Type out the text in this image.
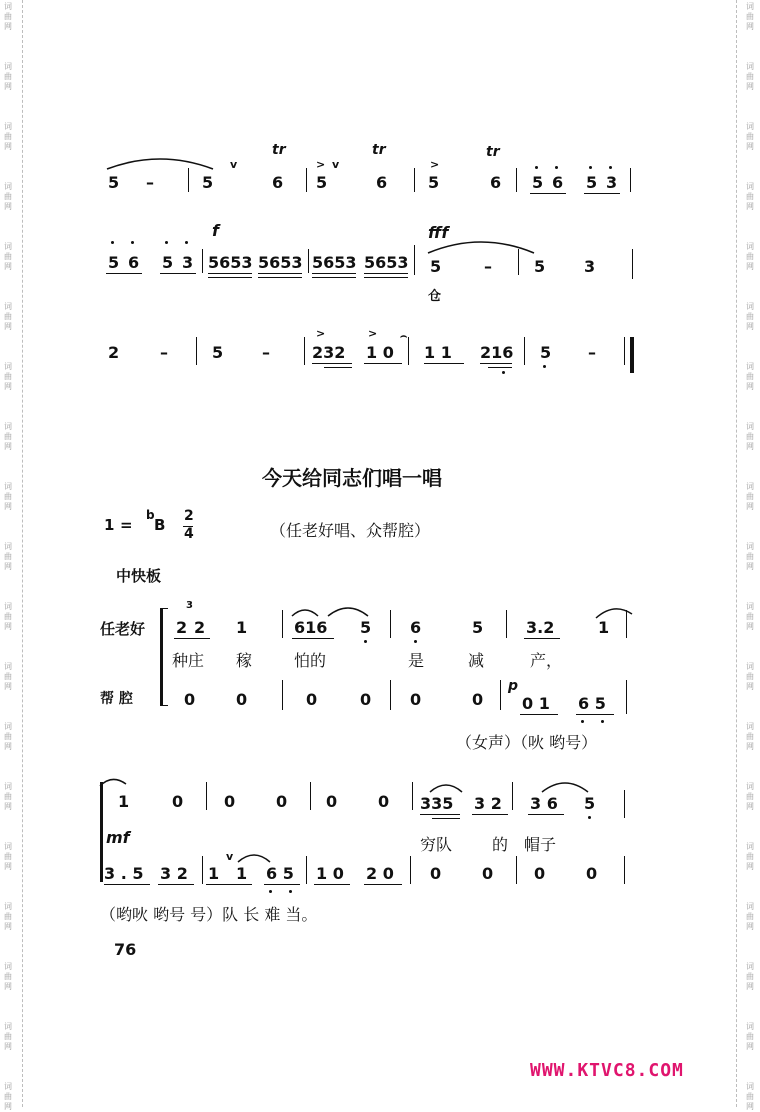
词
曲
网
词
曲
网
词
曲
网
词
曲
网
词
曲
网
词
曲
网
词
曲
网
词
曲
网
词
曲
网
词
曲
网
词
曲
网
词
曲
网
词
曲
网
词
曲
网
词
曲
网
词
曲
网
词
曲
网
词
曲
网
词
曲
网
词
曲
网
词
曲
网
词
曲
网
词
曲
网
词
曲
网
词
曲
网
词
曲
网
词
曲
网
词
曲
网
词
曲
网
词
曲
网
词
曲
网
词
曲
网
词
曲
网
词
曲
网
词
曲
网
词
曲
网
词
曲
网
词
曲
网
5 –	5
v
6
tr
> v
5	6
tr
>
5	6
tr
5 6 5 3
5 6 5 3
f
5653 5653 5653 5653
fff
5	–
仓
5 3
2	–	5 –
>
232
>
1 0
⌢
1 1 216 5 –
今天给同志们唱一唱
1 =
b
B 2
4	（任老好唱、众帮腔）
中快板
任老好
帮 腔
3
2 2 1	616 5 6	5	3.2	1
种庄 稼	怕的	是	减	产，
0	0	0	0 0	0
p
0 1 6 5
（女声）（吙 哟号）
1	0	0	0 0	0 335 3 2 3 6 5
mf	穷队 的 帽子
3 . 5 3 2
v
1 1 6 5 1 0 2 0 0	0	0	0
（哟吙 哟号 号）队 长 难 当。
76
WWW.KTVC8.COM
